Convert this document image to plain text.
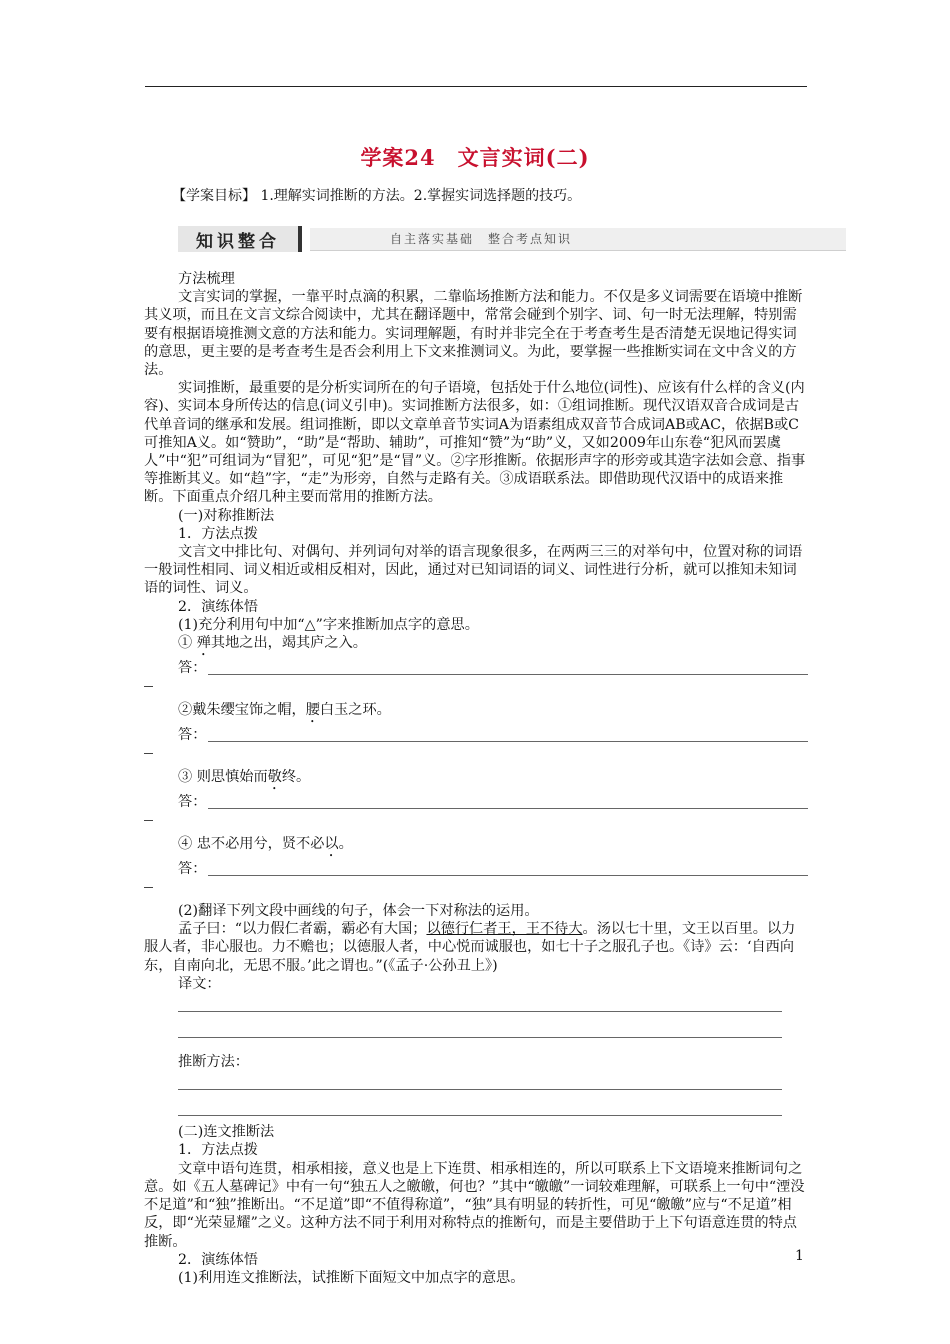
学案24　文言实词(二)
【学案目标】 1.理解实词推断的方法。2.掌握实词选择题的技巧。
知识整合	自主落实基础　整合考点知识

方法梳理

文言实词的掌握，一靠平时点滴的积累，二靠临场推断方法和能力。不仅是多义词需要在语境中推断其义项，而且在文言文综合阅读中，尤其在翻译题中，常常会碰到个别字、词、句一时无法理解，特别需要有根据语境推测文意的方法和能力。实词理解题，有时并非完全在于考查考生是否清楚无误地记得实词的意思，更主要的是考查考生是否会利用上下文来推测词义。为此，要掌握一些推断实词在文中含义的方法。

实词推断，最重要的是分析实词所在的句子语境，包括处于什么地位(词性)、应该有什么样的含义(内容)、实词本身所传达的信息(词义引申)。实词推断方法很多，如：①组词推断。现代汉语双音合成词是古代单音词的继承和发展。组词推断，即以文章单音节实词A为语素组成双音节合成词AB或AC，依据B或C可推知A义。如“赞助”，“助”是“帮助、辅助”，可推知“赞”为“助”义，又如2009年山东卷“犯风而罢虞人”中“犯”可组词为“冒犯”，可见“犯”是“冒”义。②字形推断。依据形声字的形旁或其造字法如会意、指事等推断其义。如“趋”字，“走”为形旁，自然与走路有关。③成语联系法。即借助现代汉语中的成语来推断。下面重点介绍几种主要而常用的推断方法。

(一)对称推断法

1．方法点拨

文言文中排比句、对偶句、并列词句对举的语言现象很多，在两两三三的对举句中，位置对称的词语一般词性相同、词义相近或相反相对，因此，通过对已知词语的词义、词性进行分析，就可以推知未知词语的词性、词义。

2．演练体悟

(1)充分利用句中加“△”字来推断加点字的意思。

① 殚其地之出，竭其庐之入。

答：

②戴朱缨宝饰之帽，腰白玉之环。

答：

③ 则思慎始而敬终。

答：

④ 忠不必用兮，贤不必以。

答：

(2)翻译下列文段中画线的句子，体会一下对称法的运用。

孟子曰：“以力假仁者霸，霸必有大国；以德行仁者王，王不待大。汤以七十里，文王以百里。以力服人者，非心服也。力不赡也；以德服人者，中心悦而诚服也，如七十子之服孔子也。《诗》云：‘自西向东，自南向北，无思不服。’此之谓也。”(《孟子·公孙丑上》)

译文：

推断方法：

(二)连文推断法

1．方法点拨

文章中语句连贯，相承相接，意义也是上下连贯、相承相连的，所以可联系上下文语境来推断词句之意。如《五人墓碑记》中有一句“独五人之皦皦，何也？”其中“皦皦”一词较难理解，可联系上一句中“湮没不足道”和“独”推断出。“不足道”即“不值得称道”，“独”具有明显的转折性，可见“皦皦”应与“不足道”相反，即“光荣显耀”之义。这种方法不同于利用对称特点的推断句，而是主要借助于上下句语意连贯的特点推断。

2．演练体悟

(1)利用连文推断法，试推断下面短文中加点字的意思。

1
